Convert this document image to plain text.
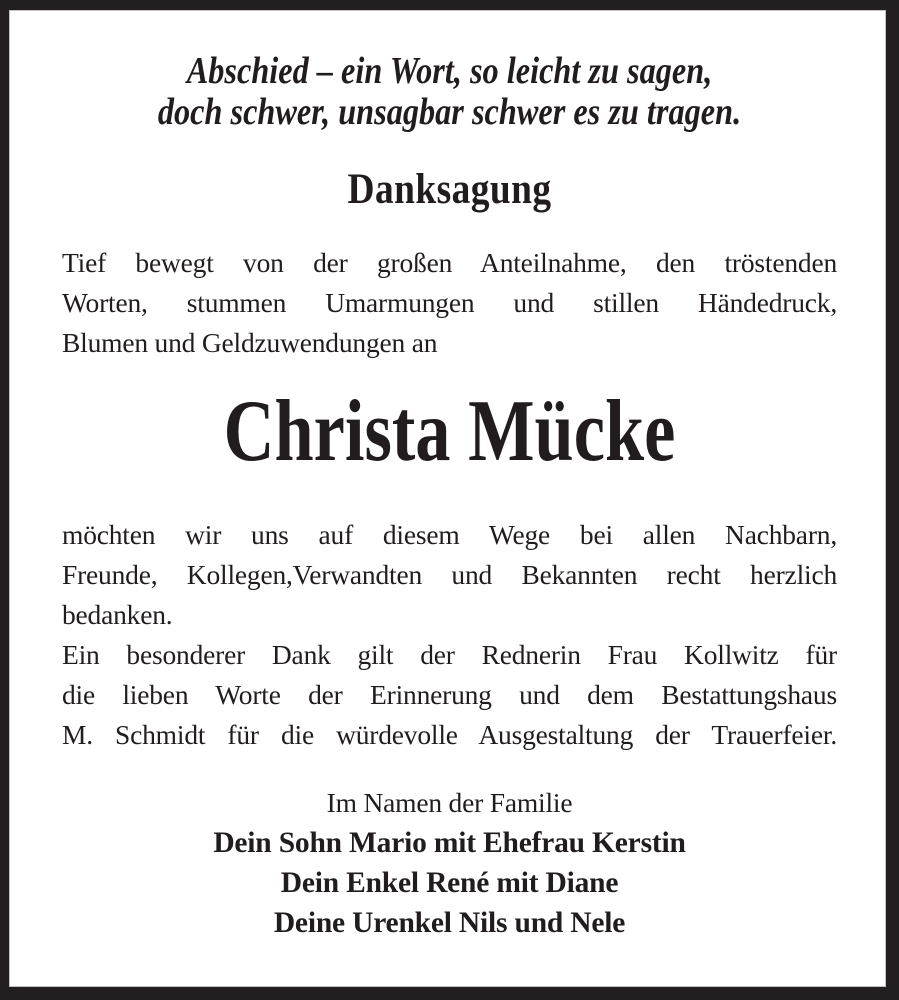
Abschied – ein Wort, so leicht zu sagen,
doch schwer, unsagbar schwer es zu tragen.
Danksagung
Tief bewegt von der großen Anteilnahme, den tröstenden
Worten, stummen Umarmungen und stillen Händedruck,
Blumen und Geldzuwendungen an
Christa Mücke
möchten wir uns auf diesem Wege bei allen Nachbarn,
Freunde, Kollegen,Verwandten und Bekannten recht herzlich
bedanken.
Ein besonderer Dank gilt der Rednerin Frau Kollwitz für
die lieben Worte der Erinnerung und dem Bestattungshaus
M. Schmidt für die würdevolle Ausgestaltung der Trauerfeier.
Im Namen der Familie
Dein Sohn Mario mit Ehefrau Kerstin
Dein Enkel René mit Diane
Deine Urenkel Nils und Nele
